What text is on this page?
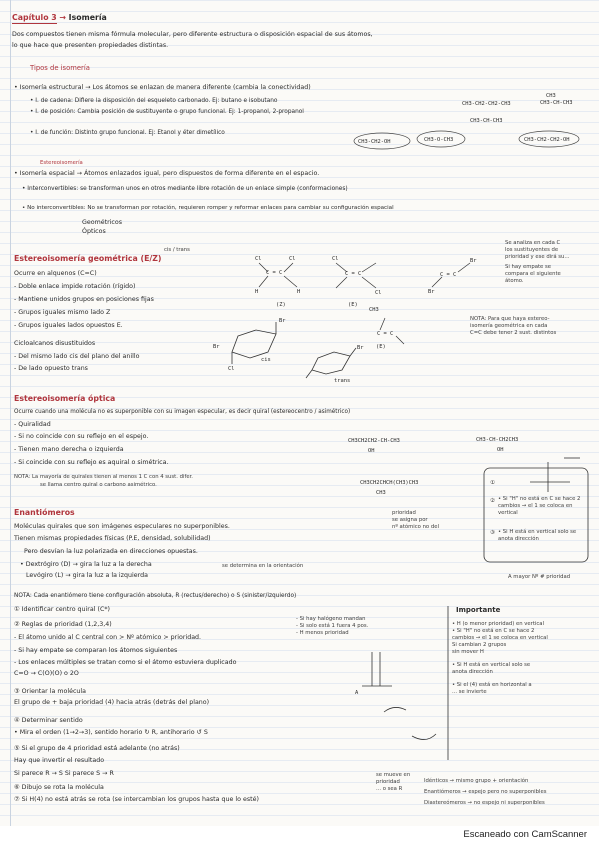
Capítulo 3 → Isomería
Dos compuestos tienen misma fórmula molecular, pero diferente estructura o disposición espacial de sus átomos,
lo que hace que presenten propiedades distintas.
Tipos de isomería
• Isomería estructural → Los átomos se enlazan de manera diferente (cambia la conectividad)
• I. de cadena: Difiere la disposición del esqueleto carbonado. Ej: butano e isobutano
• I. de posición: Cambia posición de sustituyente o grupo funcional. Ej: 1-propanol, 2-propanol
• I. de función: Distinto grupo funcional. Ej: Etanol y éter dimetílico
CH3-CH2-CH2-CH3	CH3-CH-CH3
CH3
CH3-CH-CH3
CH3-CH2-OH	CH3-O-CH3	CH3-CH2-CH2-OH
Estereoisomería
• Isomería espacial → Átomos enlazados igual, pero dispuestos de forma diferente en el espacio.
• Interconvertibles: se transforman unos en otros mediante libre rotación de un enlace simple (conformaciones)
• No interconvertibles: No se transforman por rotación, requieren romper y reformar enlaces para cambiar su configuración espacial
Geométricos
Ópticos
Estereoisomería geométrica (E/Z)
cis / trans
Ocurre en alquenos (C=C)
- Doble enlace impide rotación (rígido)
- Mantiene unidos grupos en posiciones fijas
- Grupos iguales mismo lado Z
- Grupos iguales lados opuestos E.
Cicloalcanos disustituidos
- Del mismo lado cis del plano del anillo
- De lado opuesto trans
C = C
(Z)
C = C
(E)
C = C
C = C
(E)
Cl	Cl
H	H
Cl
Cl	Br
Br
CH3
cis
trans
Br
Br
Cl
Br
Se analiza en cada C
los sustituyentes de
prioridad y ese dirá su...
Si hay empate se
compara el siguiente
átomo.
NOTA: Para que haya estereo-
isomería geométrica en cada
C=C debe tener 2 sust. distintos
Estereoisomería óptica
Ocurre cuando una molécula no es superponible con su imagen especular, es decir quiral (estereocentro / asimétrico)
- Quiralidad
- Si no coincide con su reflejo en el espejo.
- Tienen mano derecha o izquierda
- Si coincide con su reflejo es aquiral o simétrica.
NOTA: La mayoría de quirales tienen al menos 1 C con 4 sust. difer.
se llama centro quiral o carbono asimétrico.
CH3CH2CH2-CH-CH3
OH
CH3-CH-CH2CH3
OH
CH3CH2CHCH(CH3)CH3
CH3
prioridad
se asigna por
nº atómico no del
①
②
③
• Si "H" no está en C se hace 2
cambios → el 1 se coloca en vertical
• Si H está en vertical solo se
anota dirección
A mayor Nº # prioridad
Enantiómeros
Moléculas quirales que son imágenes especulares no superponibles.
Tienen mismas propiedades físicas (P.E, densidad, solubilidad)
Pero desvían la luz polarizada en direcciones opuestas.
• Dextrógiro (D) → gira la luz a la derecha
Levógiro (L) → gira la luz a la izquierda
se determina en la orientación
NOTA: Cada enantiómero tiene configuración absoluta, R (rectus/derecho) o S (sinister/izquierdo)
① Identificar centro quiral (C*)
② Reglas de prioridad (1,2,3,4)
- El átomo unido al C central con > Nº atómico > prioridad.
- Si hay empate se comparan los átomos siguientes
- Los enlaces múltiples se tratan como si el átomo estuviera duplicado
C=O → C(O)(O) o 2O
③ Orientar la molécula
El grupo de + baja prioridad (4) hacia atrás (detrás del plano)
④ Determinar sentido
• Mira el orden (1→2→3), sentido horario ↻ R, antihorario ↺ S
⑤ Si el grupo de 4 prioridad está adelante (no atrás)
Hay que invertir el resultado
Si parece R → S Si parece S → R
⑥ Dibujo se rota la molécula
⑦ Si H(4) no está atrás se rota (se intercambian los grupos hasta que lo esté)
- Si hay halógeno mandan
- Si solo está 1 fuera 4 pos.
- H menos prioridad
A
Importante
• H (o menor prioridad) en vertical
• Si "H" no está en C se hace 2
cambios → el 1 se coloca en vertical
Si cambian 2 grupos
sin mover H
• Si H está en vertical solo se
anota dirección
• Si el (4) está en horizontal a
... se invierte
se mueve en
prioridad
... o sea R
Idénticos → mismo grupo + orientación
Enantiómeros → espejo pero no superponibles
Diastereómeros → no espejo ni superponibles
Escaneado con CamScanner
